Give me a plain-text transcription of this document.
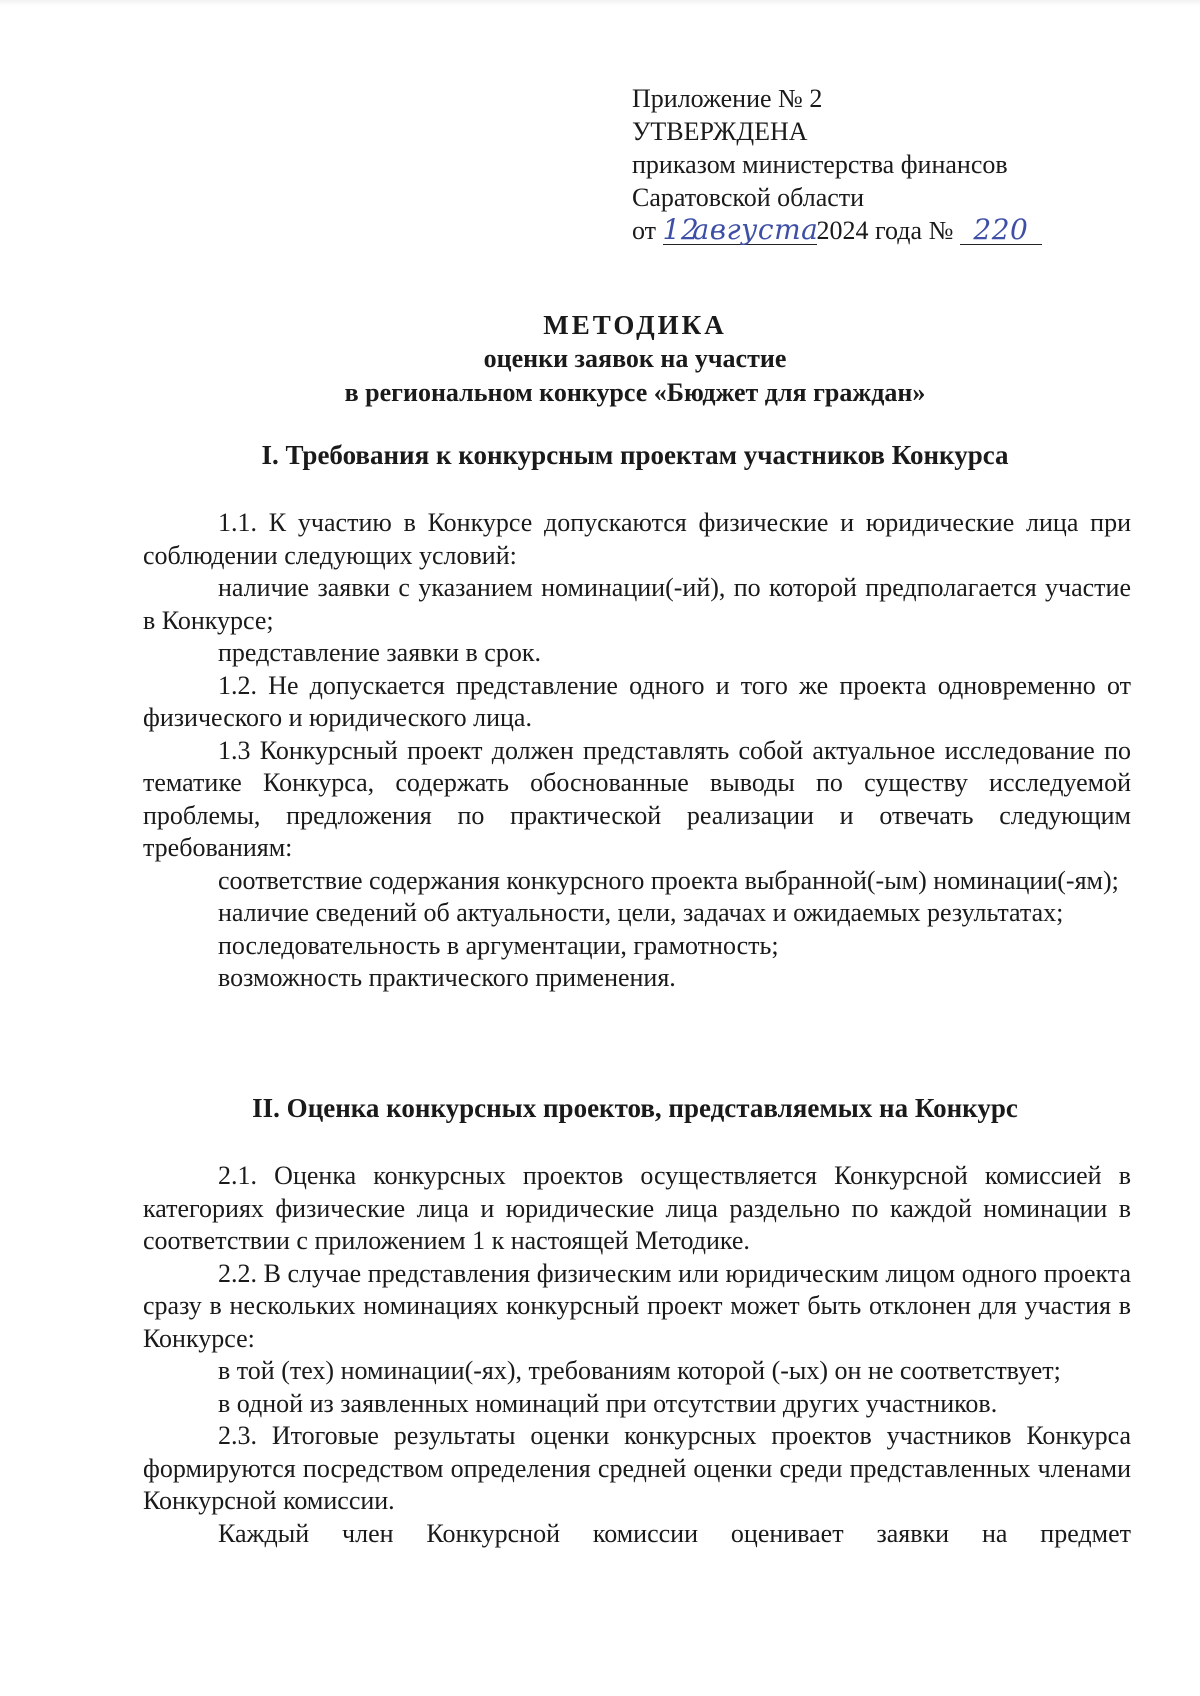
Приложение № 2
УТВЕРЖДЕНА
приказом министерства финансов
Саратовской области
от 12августа2024 года № 220
МЕТОДИКА
оценки заявок на участие
в региональном конкурсе «Бюджет для граждан»
I. Требования к конкурсным проектам участников Конкурса

1.1. К участию в Конкурсе допускаются физические и юридические лица при соблюдении следующих условий:

наличие заявки с указанием номинации(-ий), по которой предполагается участие в Конкурсе;

представление заявки в срок.

1.2. Не допускается представление одного и того же проекта одновременно от физического и юридического лица.

1.3 Конкурсный проект должен представлять собой актуальное исследование по тематике Конкурса, содержать обоснованные выводы по существу исследуемой проблемы, предложения по практической реализации и отвечать следующим требованиям:

соответствие содержания конкурсного проекта выбранной(-ым) номинации(-ям);

наличие сведений об актуальности, цели, задачах и ожидаемых результатах;

последовательность в аргументации, грамотность;

возможность практического применения.

II. Оценка конкурсных проектов, представляемых на Конкурс

2.1. Оценка конкурсных проектов осуществляется Конкурсной комиссией в категориях физические лица и юридические лица раздельно по каждой номинации в соответствии с приложением 1 к настоящей Методике.

2.2. В случае представления физическим или юридическим лицом одного проекта сразу в нескольких номинациях конкурсный проект может быть отклонен для участия в Конкурсе:

в той (тех) номинации(-ях), требованиям которой (-ых) он не соответствует;

в одной из заявленных номинаций при отсутствии других участников.

2.3. Итоговые результаты оценки конкурсных проектов участников Конкурса формируются посредством определения средней оценки среди представленных членами Конкурсной комиссии.

Каждый член Конкурсной комиссии оценивает заявки на предмет
